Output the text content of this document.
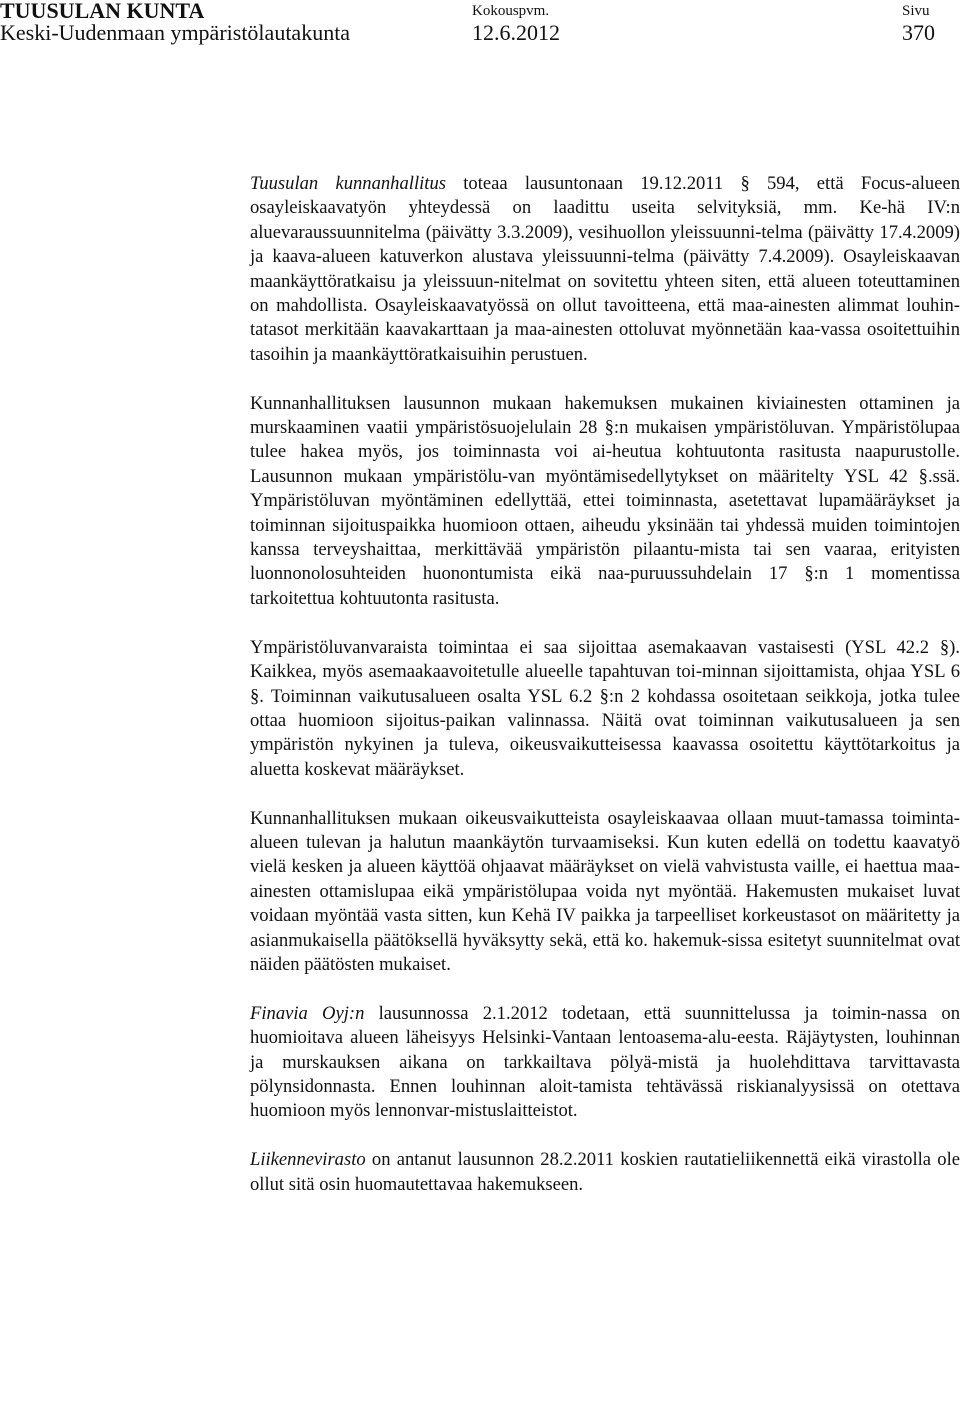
TUUSULAN KUNTA
Keski-Uudenmaan ympäristölautakunta
Kokouspvm.
12.6.2012
Sivu
370

Tuusulan kunnanhallitus toteaa lausuntonaan 19.12.2011 § 594, että Focus-alueen osayleiskaavatyön yhteydessä on laadittu useita selvityksiä, mm. Ke-hä IV:n aluevaraussuunnitelma (päivätty 3.3.2009), vesihuollon yleissuunni-telma (päivätty 17.4.2009) ja kaava-alueen katuverkon alustava yleissuunni-telma (päivätty 7.4.2009). Osayleiskaavan maankäyttöratkaisu ja yleissuun-nitelmat on sovitettu yhteen siten, että alueen toteuttaminen on mahdollista. Osayleiskaavatyössä on ollut tavoitteena, että maa-ainesten alimmat louhin-tatasot merkitään kaavakarttaan ja maa-ainesten ottoluvat myönnetään kaa-vassa osoitettuihin tasoihin ja maankäyttöratkaisuihin perustuen.

Kunnanhallituksen lausunnon mukaan hakemuksen mukainen kiviainesten ottaminen ja murskaaminen vaatii ympäristösuojelulain 28 §:n mukaisen ympäristöluvan. Ympäristölupaa tulee hakea myös, jos toiminnasta voi ai-heutua kohtuutonta rasitusta naapurustolle. Lausunnon mukaan ympäristölu-van myöntämisedellytykset on määritelty YSL 42 §.ssä. Ympäristöluvan myöntäminen edellyttää, ettei toiminnasta, asetettavat lupamääräykset ja toiminnan sijoituspaikka huomioon ottaen, aiheudu yksinään tai yhdessä muiden toimintojen kanssa terveyshaittaa, merkittävää ympäristön pilaantu-mista tai sen vaaraa, erityisten luonnonolosuhteiden huonontumista eikä naa-puruussuhdelain 17 §:n 1 momentissa tarkoitettua kohtuutonta rasitusta.

Ympäristöluvanvaraista toimintaa ei saa sijoittaa asemakaavan vastaisesti (YSL 42.2 §). Kaikkea, myös asemaakaavoitetulle alueelle tapahtuvan toi-minnan sijoittamista, ohjaa YSL 6 §. Toiminnan vaikutusalueen osalta YSL 6.2 §:n 2 kohdassa osoitetaan seikkoja, jotka tulee ottaa huomioon sijoitus-paikan valinnassa. Näitä ovat toiminnan vaikutusalueen ja sen ympäristön nykyinen ja tuleva, oikeusvaikutteisessa kaavassa osoitettu käyttötarkoitus ja aluetta koskevat määräykset.

Kunnanhallituksen mukaan oikeusvaikutteista osayleiskaavaa ollaan muut-tamassa toiminta-alueen tulevan ja halutun maankäytön turvaamiseksi. Kun kuten edellä on todettu kaavatyö vielä kesken ja alueen käyttöä ohjaavat määräykset on vielä vahvistusta vaille, ei haettua maa-ainesten ottamislupaa eikä ympäristölupaa voida nyt myöntää. Hakemusten mukaiset luvat voidaan myöntää vasta sitten, kun Kehä IV paikka ja tarpeelliset korkeustasot on määritetty ja asianmukaisella päätöksellä hyväksytty sekä, että ko. hakemuk-sissa esitetyt suunnitelmat ovat näiden päätösten mukaiset.

Finavia Oyj:n lausunnossa 2.1.2012 todetaan, että suunnittelussa ja toimin-nassa on huomioitava alueen läheisyys Helsinki-Vantaan lentoasema-alu-eesta. Räjäytysten, louhinnan ja murskauksen aikana on tarkkailtava pölyä-mistä ja huolehdittava tarvittavasta pölynsidonnasta. Ennen louhinnan aloit-tamista tehtävässä riskianalyysissä on otettava huomioon myös lennonvar-mistuslaitteistot.

Liikennevirasto on antanut lausunnon 28.2.2011 koskien rautatieliikennettä eikä virastolla ole ollut sitä osin huomautettavaa hakemukseen.
